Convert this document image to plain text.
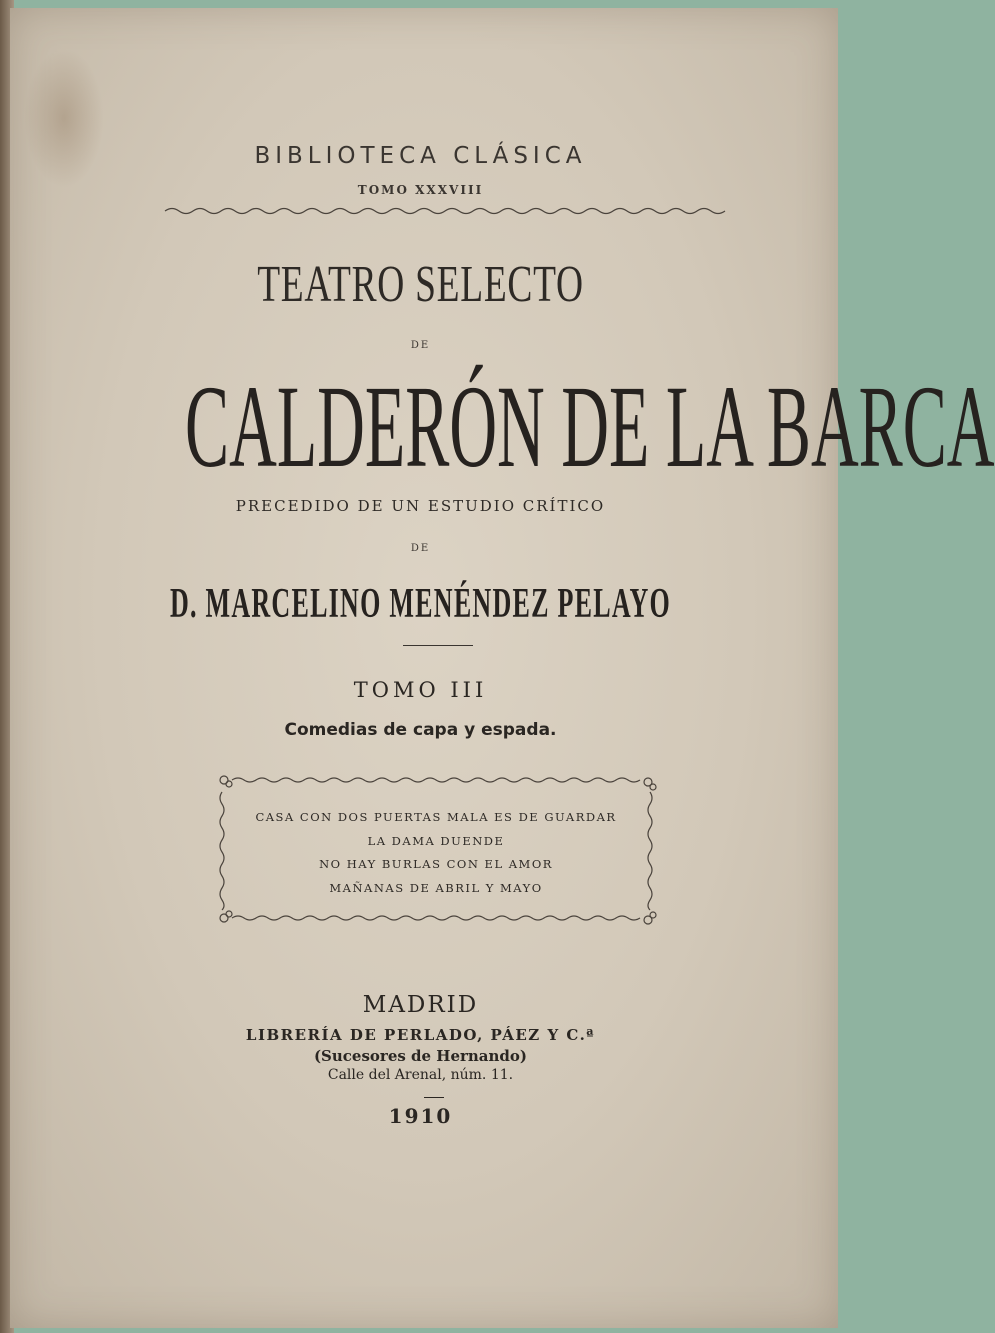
BIBLIOTECA CLÁSICA
TOMO XXXVIII
TEATRO SELECTO
DE
CALDERÓN DE LA BARCA
PRECEDIDO DE UN ESTUDIO CRÍTICO
DE
D. MARCELINO MENÉNDEZ PELAYO
TOMO III
Comedias de capa y espada.
CASA CON DOS PUERTAS MALA ES DE GUARDAR
LA DAMA DUENDE
NO HAY BURLAS CON EL AMOR
MAÑANAS DE ABRIL Y MAYO
MADRID
LIBRERÍA DE PERLADO, PÁEZ Y C.ª
(Sucesores de Hernando)
Calle del Arenal, núm. 11.
1910
